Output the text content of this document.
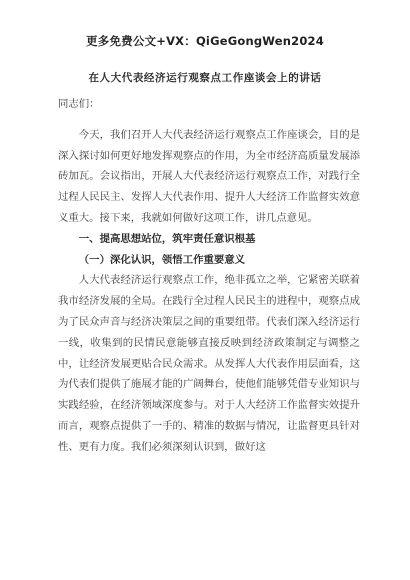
更多免费公文+VX：QiGeGongWen2024
在人大代表经济运行观察点工作座谈会上的讲话

同志们：

今天，我们召开人大代表经济运行观察点工作座谈会，目的是深入探讨如何更好地发挥观察点的作用，为全市经济高质量发展添砖加瓦。会议指出，开展人大代表经济运行观察点工作，对践行全过程人民民主、发挥人大代表作用、提升人大经济工作监督实效意义重大。接下来，我就如何做好这项工作，讲几点意见。

一、提高思想站位，筑牢责任意识根基

（一）深化认识，领悟工作重要意义

人大代表经济运行观察点工作，绝非孤立之举，它紧密关联着我市经济发展的全局。在践行全过程人民民主的进程中，观察点成为了民众声音与经济决策层之间的重要纽带。代表们深入经济运行一线，收集到的民情民意能够直接反映到经济政策制定与调整之中，让经济发展更贴合民众需求。从发挥人大代表作用层面看，这为代表们提供了施展才能的广阔舞台，使他们能够凭借专业知识与实践经验，在经济领域深度参与。对于人大经济工作监督实效提升而言，观察点提供了一手的、精准的数据与情况，让监督更具针对性、更有力度。我们必须深刻认识到，做好这
